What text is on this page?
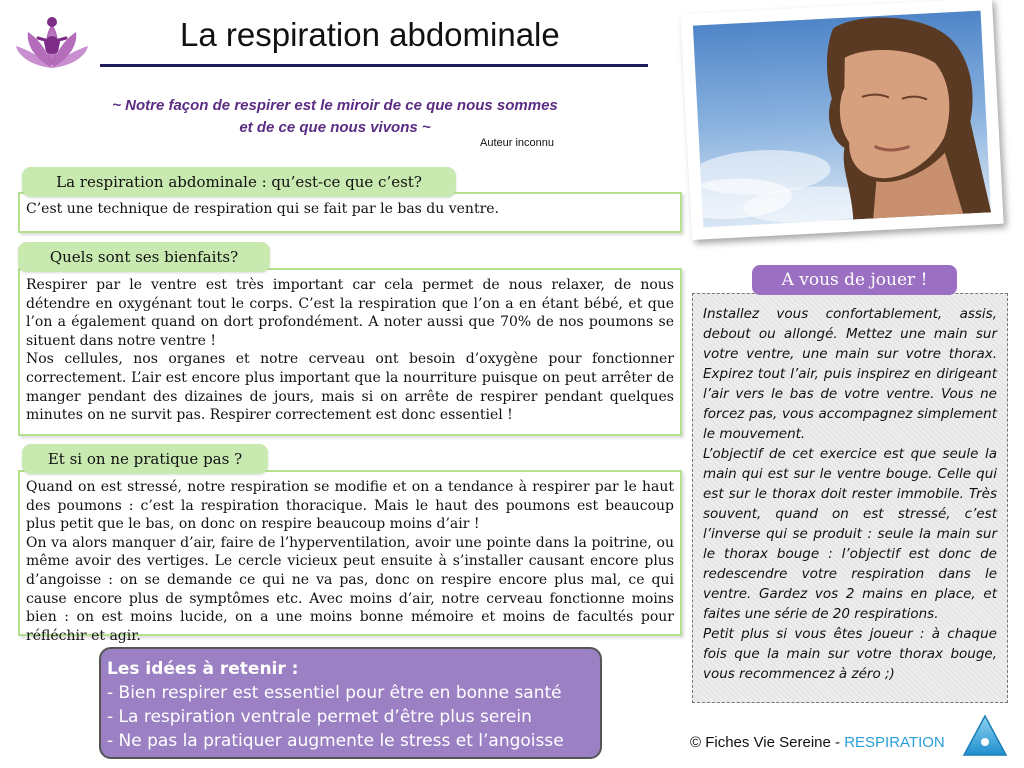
La respiration abdominale
~ Notre façon de respirer est le miroir de ce que nous sommes
et de ce que nous vivons ~
Auteur inconnu
C’est une technique de respiration qui se fait par le bas du ventre.
La respiration abdominale : qu’est-ce que c’est?
Respirer par le ventre est très important car cela permet de nous relaxer, de nous détendre en oxygénant tout le corps. C’est la respiration que l’on a en étant bébé, et que l’on a également quand on dort profondément. A noter aussi que 70% de nos poumons se situent dans notre ventre !
Nos cellules, nos organes et notre cerveau ont besoin d’oxygène pour fonctionner correctement. L’air est encore plus important que la nourriture puisque on peut arrêter de manger pendant des dizaines de jours, mais si on arrête de respirer pendant quelques minutes on ne survit pas. Respirer correctement est donc essentiel !
Quels sont ses bienfaits?
Quand on est stressé, notre respiration se modifie et on a tendance à respirer par le haut des poumons : c’est la respiration thoracique. Mais le haut des poumons est beaucoup plus petit que le bas, on donc on respire beaucoup moins d’air !
On va alors manquer d’air, faire de l’hyperventilation, avoir une pointe dans la poitrine, ou même avoir des vertiges. Le cercle vicieux peut ensuite à s’installer causant encore plus d’angoisse : on se demande ce qui ne va pas, donc on respire encore plus mal, ce qui cause encore plus de symptômes etc. Avec moins d’air, notre cerveau fonctionne moins bien : on est moins lucide, on a une moins bonne mémoire et moins de facultés pour réfléchir et agir.
Et si on ne pratique pas ?
Installez vous confortablement, assis, debout ou allongé. Mettez une main sur votre ventre, une main sur votre thorax. Expirez tout l’air, puis inspirez en dirigeant l’air vers le bas de votre ventre. Vous ne forcez pas, vous accompagnez simplement le mouvement.
L’objectif de cet exercice est que seule la main qui est sur le ventre bouge. Celle qui est sur le thorax doit rester immobile. Très souvent, quand on est stressé, c’est l’inverse qui se produit : seule la main sur le thorax bouge : l’objectif est donc de redescendre votre respiration dans le ventre. Gardez vos 2 mains en place, et faites une série de 20 respirations.
Petit plus si vous êtes joueur : à chaque fois que la main sur votre thorax bouge, vous recommencez à zéro ;)
A vous de jouer !
Les idées à retenir :
- Bien respirer est essentiel pour être en bonne santé
- La respiration ventrale permet d’être plus serein
- Ne pas la pratiquer augmente le stress et l’angoisse	© Fiches Vie Sereine - RESPIRATION
